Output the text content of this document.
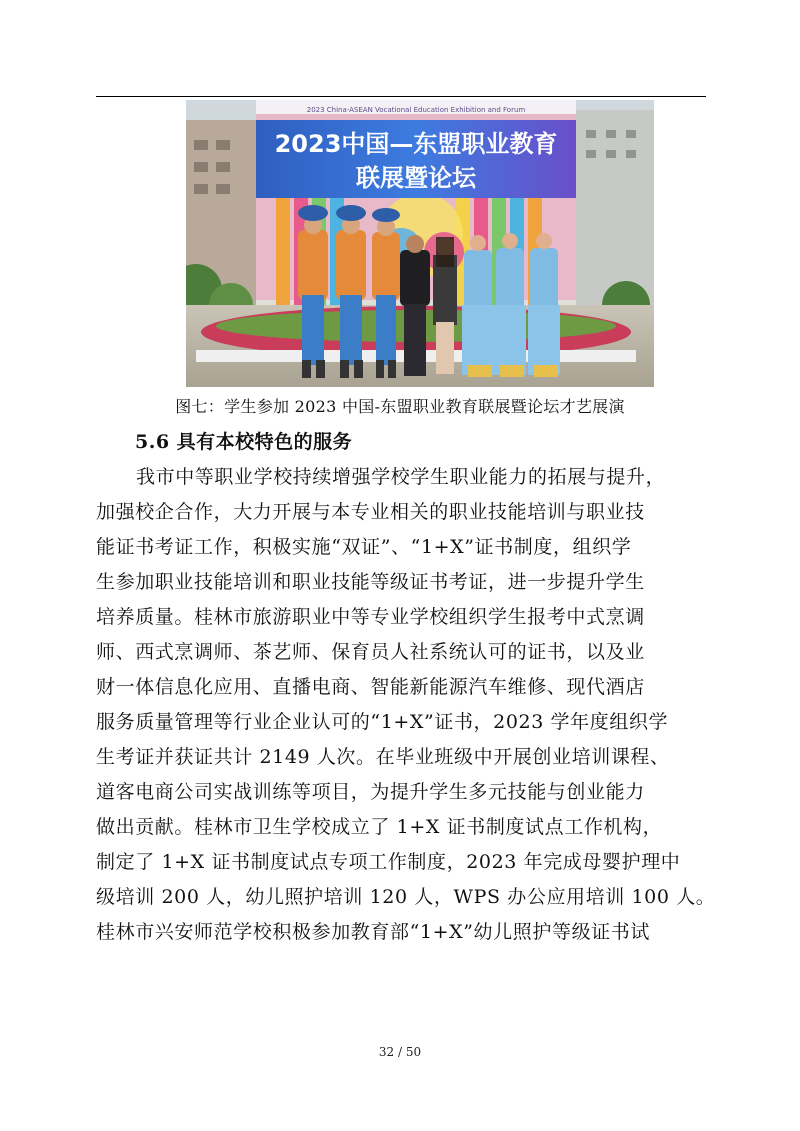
2023 China-ASEAN Vocational Education Exhibition and Forum
2023中国—东盟职业教育
联展暨论坛
图七：学生参加 2023 中国-东盟职业教育联展暨论坛才艺展演
5.6 具有本校特色的服务
我市中等职业学校持续增强学校学生职业能力的拓展与提升，
加强校企合作，大力开展与本专业相关的职业技能培训与职业技
能证书考证工作，积极实施“双证”、“1+X”证书制度，组织学
生参加职业技能培训和职业技能等级证书考证，进一步提升学生
培养质量。桂林市旅游职业中等专业学校组织学生报考中式烹调
师、西式烹调师、茶艺师、保育员人社系统认可的证书，以及业
财一体信息化应用、直播电商、智能新能源汽车维修、现代酒店
服务质量管理等行业企业认可的“1+X”证书，2023 学年度组织学
生考证并获证共计 2149 人次。在毕业班级中开展创业培训课程、
道客电商公司实战训练等项目，为提升学生多元技能与创业能力
做出贡献。桂林市卫生学校成立了 1+X 证书制度试点工作机构，
制定了 1+X 证书制度试点专项工作制度，2023 年完成母婴护理中
级培训 200 人，幼儿照护培训 120 人，WPS 办公应用培训 100 人。
桂林市兴安师范学校积极参加教育部“1+X”幼儿照护等级证书试
32 / 50
